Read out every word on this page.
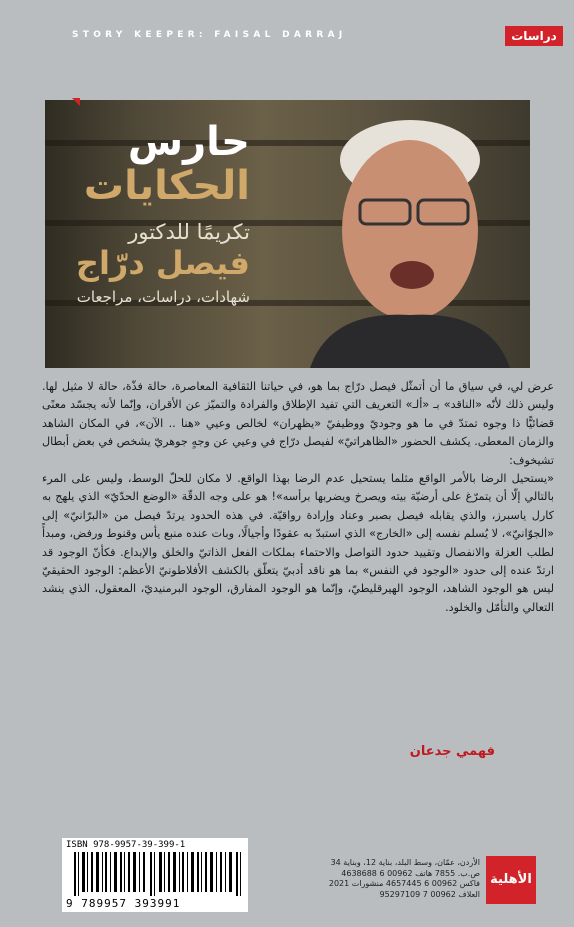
STORY KEEPER: FAISAL DARRAJ	دراسات
حارس
الحكايات
تكريمًا للدكتور
فيصل درّاج
شهادات، دراسات، مراجعات

عرض لي، في سياق ما أن أتمثّل فيصل درّاج بما هو، في حياتنا الثقافية المعاصرة، حالة فذّة، حالة لا مثيل لها. وليس ذلك لأنّه «الناقد» بـ «ألـ» التعريف التي تفيد الإطلاق والفرادة والتميّز عن الأقران، وإنّما لأنه يجسّد معنًى قضائيًّا ذا وجوه تمتدّ في ما هو وجوديّ ووظيفيّ «يظهران» لخالص وعيي «هنا .. الآن»، في المكان الشاهد والزمان المعطى. يكشف الحضور «الظاهراتيّ» لفيصل درّاج في وعيي عن وجهٍ جوهريّ يشخص في بعض أبطال تشيخوف:

«يستحيل الرضا بالأمر الواقع مثلما يستحيل عدم الرضا بهذا الواقع. لا مكان للحلّ الوسط، وليس على المرء بالتالي إلّا أن يتمرّغ على أرضيّة بيته ويصرخ ويضربها برأسه»! هو على وجه الدقّة «الوضع الحدّيّ» الذي يلهج به كارل ياسبرز، والذي يقابله فيصل بصبر وعناد وإرادة رواقيّة. في هذه الحدود يرتدّ فيصل من «البرّانيّ» إلى «الجوّانيّ»، لا يُسلم نفسه إلى «الخارج» الذي استبدّ به عقودًا وأجيالًا، وبات عنده منبع يأس وقنوط ورفض، ومبدأً لطلب العزلة والانفصال وتقييد حدود التواصل والاحتماء بملكات الفعل الذاتيّ والخلق والإبداع. فكأنّ الوجود قد ارتدّ عنده إلى حدود «الوجود في النفس» بما هو ناقد أدبيّ يتعلّق بالكشف الأفلاطونيّ الأعظم: الوجود الحقيقيّ ليس هو الوجود الشاهد، الوجود الهيرقليطيّ، وإنّما هو الوجود المفارق، الوجود البرمنيديّ، المعقول، الذي ينشد التعالي والتأمّل والخلود.

فهمي جدعان
ISBN 978-9957-39-399-1
9 789957 393991
الأردن، عمّان، وسط البلد، بناية 12، وبناية 34
ص.ب. 7855 هاتف 00962 6 4638688
فاكس 00962 6 4657445 منشورات 2021
العلاف 00962 7 95297109
الأهلية
